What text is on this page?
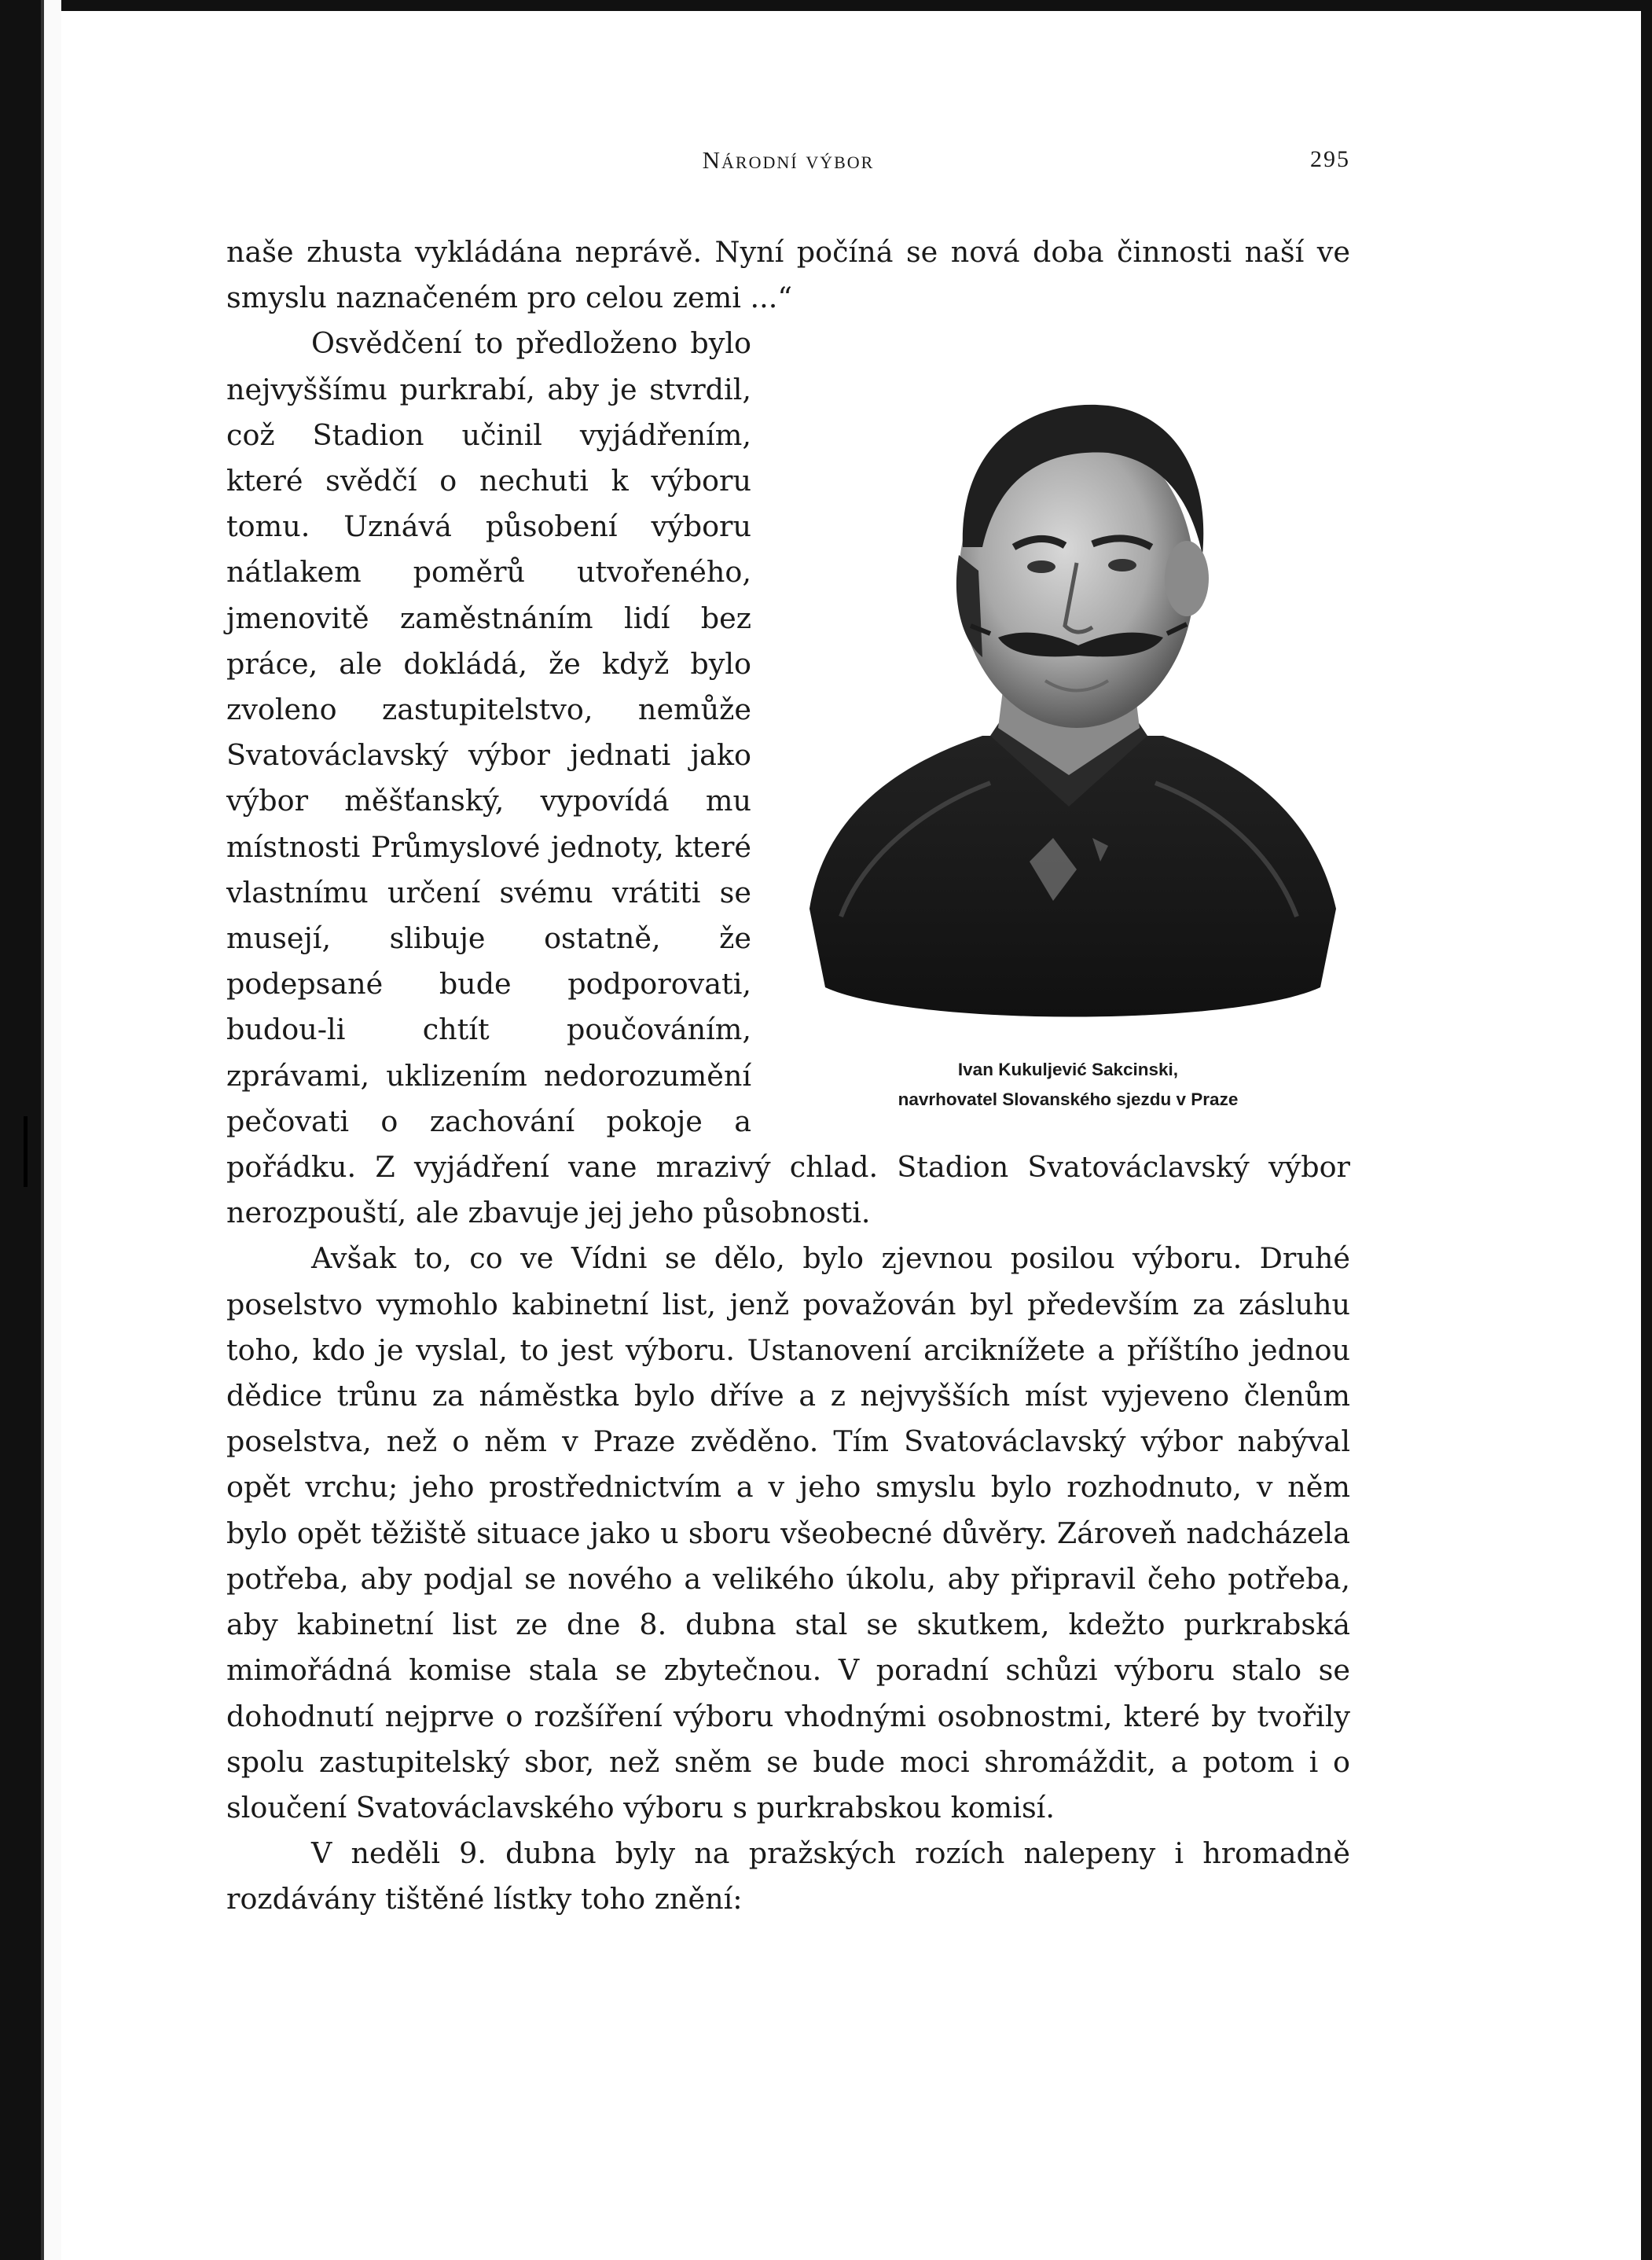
Národní výbor	295

naše zhusta vykládána neprávě. Nyní počíná se nová doba činnosti naší ve smyslu naznačeném pro celou zemi ...“

Ivan Kukuljević Sakcinski,
navrhovatel Slovanského sjezdu v Praze

Osvědčení to předloženo bylo nejvyššímu purkrabí, aby je stvrdil, což Stadion učinil vyjádřením, které svědčí o nechuti k výboru tomu. Uznává působení výboru nátlakem poměrů utvořeného, jmenovitě zaměstnáním lidí bez práce, ale dokládá, že když bylo zvoleno zastupitelstvo, nemůže Svatováclavský výbor jednati jako výbor měšťanský, vypovídá mu místnosti Průmyslové jednoty, které vlastnímu určení svému vrátiti se musejí, slibuje ostatně, že podepsané bude podporovati, budou-li chtít poučováním, zprávami, uklizením nedorozumění pečovati o zachování pokoje a pořádku. Z vyjádření vane mrazivý chlad. Stadion Svatováclavský výbor nerozpouští, ale zbavuje jej jeho působnosti.

Avšak to, co ve Vídni se dělo, bylo zjevnou posilou výboru. Druhé poselstvo vymohlo kabinetní list, jenž považován byl především za zásluhu toho, kdo je vyslal, to jest výboru. Ustanovení arciknížete a příštího jednou dědice trůnu za náměstka bylo dříve a z nejvyšších míst vyjeveno členům poselstva, než o něm v Praze zvěděno. Tím Svatováclavský výbor nabýval opět vrchu; jeho prostřednictvím a v jeho smyslu bylo rozhodnuto, v něm bylo opět těžiště situace jako u sboru všeobecné důvěry. Zároveň nadcházela potřeba, aby podjal se nového a velikého úkolu, aby připravil čeho potřeba, aby kabinetní list ze dne 8. dubna stal se skutkem, kdežto purkrabská mimořádná komise stala se zbytečnou. V poradní schůzi výboru stalo se dohodnutí nejprve o rozšíření výboru vhodnými osobnostmi, které by tvořily spolu zastupitelský sbor, než sněm se bude moci shromáždit, a potom i o sloučení Svatováclavského výboru s purkrabskou komisí.

V neděli 9. dubna byly na pražských rozích nalepeny i hromadně rozdávány tištěné lístky toho znění:
